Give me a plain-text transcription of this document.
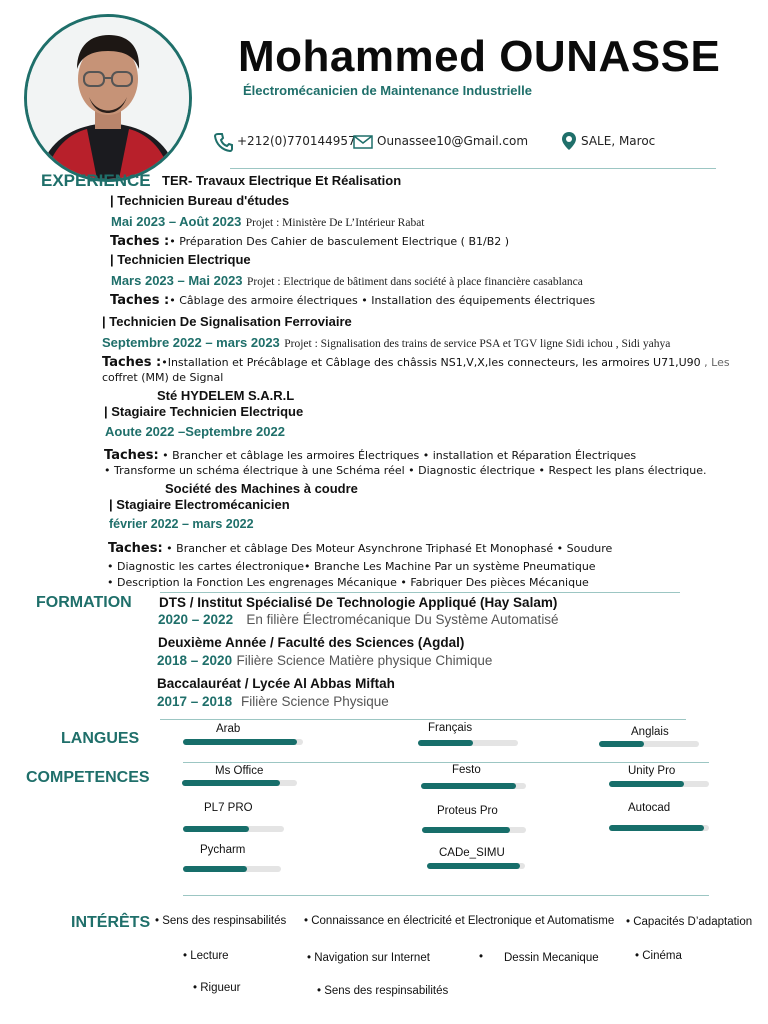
Mohammed OUNASSE
Électromécanicien de Maintenance Industrielle
+212(0)770144957 Ounassee10@Gmail.com	SALE, Maroc
EXPERIENCE TER- Travaux Electrique Et Réalisation
| Technicien Bureau d'études
Mai 2023 – Août 2023 Projet : Ministère De L’Intérieur Rabat
Taches :• Préparation Des Cahier de basculement Electrique ( B1/B2 )
| Technicien Electrique
Mars 2023 – Mai 2023 Projet : Electrique de bâtiment dans société à place financière casablanca
Taches :• Câblage des armoire électriques • Installation des équipements électriques
| Technicien De Signalisation Ferroviaire
Septembre 2022 – mars 2023 Projet : Signalisation des trains de service PSA et TGV ligne Sidi ichou , Sidi yahya
Taches :•Installation et Précâblage et Câblage des châssis NS1,V,X,les connecteurs, les armoires U71,U90 , Les
coffret (MM) de Signal
Sté HYDELEM S.A.R.L
| Stagiaire Technicien Electrique
Aoute 2022 –Septembre 2022
Taches: • Brancher et câblage les armoires Électriques • installation et Réparation Électriques
• Transforme un schéma électrique à une Schéma réel • Diagnostic électrique • Respect les plans électrique.
Société des Machines à coudre
| Stagiaire Electromécanicien
février 2022 – mars 2022
Taches: • Brancher et câblage Des Moteur Asynchrone Triphasé Et Monophasé • Soudure
• Diagnostic les cartes électronique• Branche Les Machine Par un système Pneumatique
• Description la Fonction Les engrenages Mécanique • Fabriquer Des pièces Mécanique
FORMATION DTS / Institut Spécialisé De Technologie Appliqué (Hay Salam)
2020 – 2022 En filière Électromécanique Du Système Automatisé
Deuxième Année / Faculté des Sciences (Agdal)
2018 – 2020 Filière Science Matière physique Chimique
Baccalauréat / Lycée Al Abbas Miftah
2017 – 2018 Filière Science Physique
LANGUES
Arab	Français	Anglais
COMPETENCES	Ms Office	Festo	Unity Pro
PL7 PRO	Proteus Pro	Autocad
Pycharm	CADe_SIMU
INTÉRÊTS • Sens des respinsabilités • Connaissance en électricité et Electronique et Automatisme • Capacités D’adaptation
• Lecture	• Navigation sur Internet	• Dessin Mecanique	• Cinéma
• Rigueur	• Sens des respinsabilités
